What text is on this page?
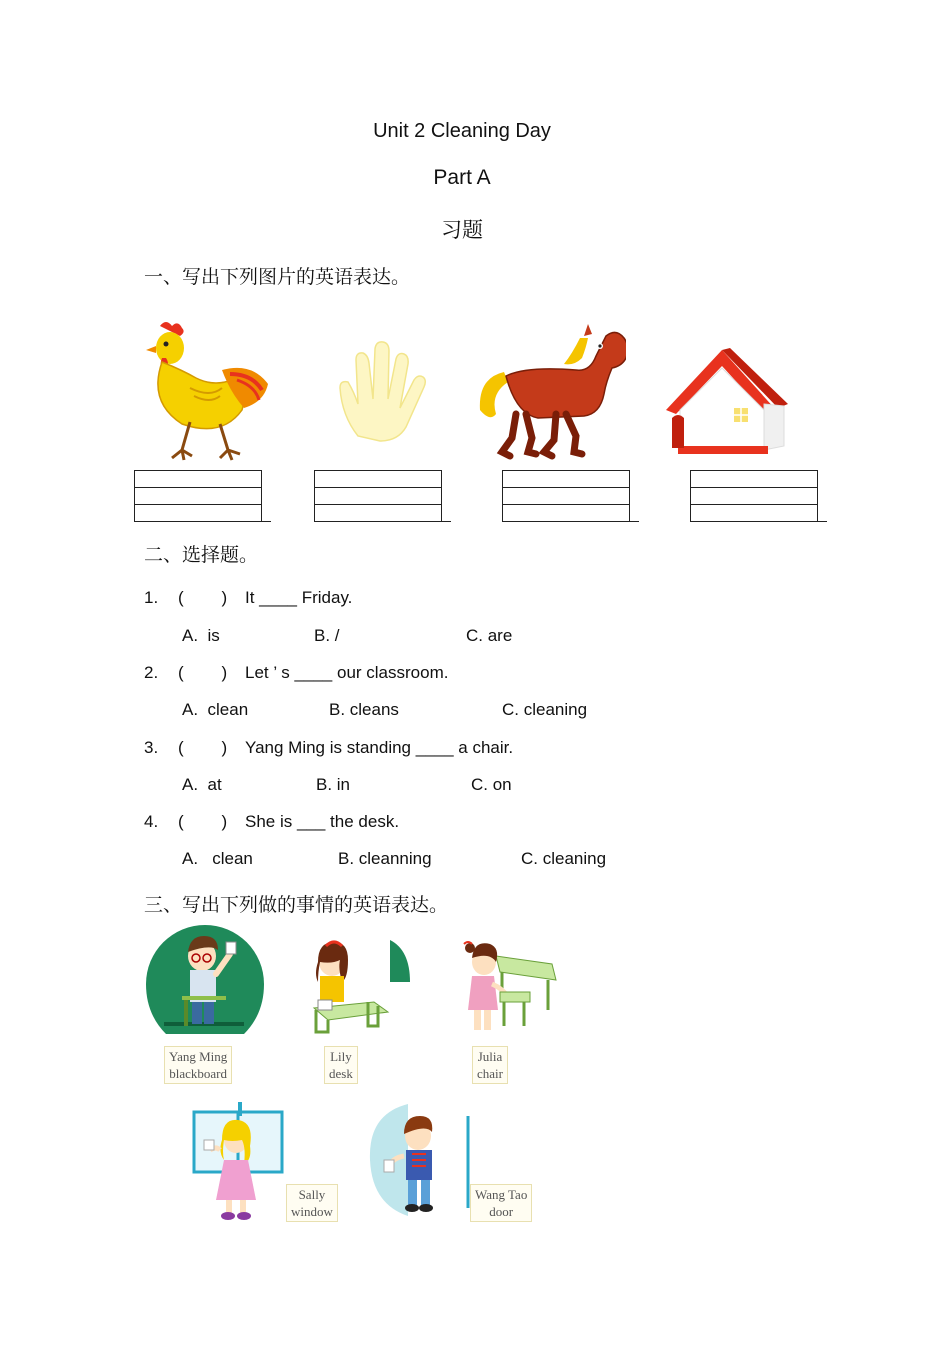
Unit 2 Cleaning Day
Part A
习题
一、写出下列图片的英语表达。
二、选择题。
1. (        ) It ____ Friday.
A.  is	B. /	C. are
2. (        ) Let ’ s ____ our classroom.
A.  clean	B. cleans	C. cleaning
3. (        ) Yang Ming is standing ____ a chair.
A.  at	B. in	C. on
4. (        ) She is ___ the desk.
A.   clean	B. cleanning	C. cleaning
三、写出下列做的事情的英语表达。
Yang Ming
blackboard
Lily
desk
Julia
chair
Sally
window
Wang Tao
door
